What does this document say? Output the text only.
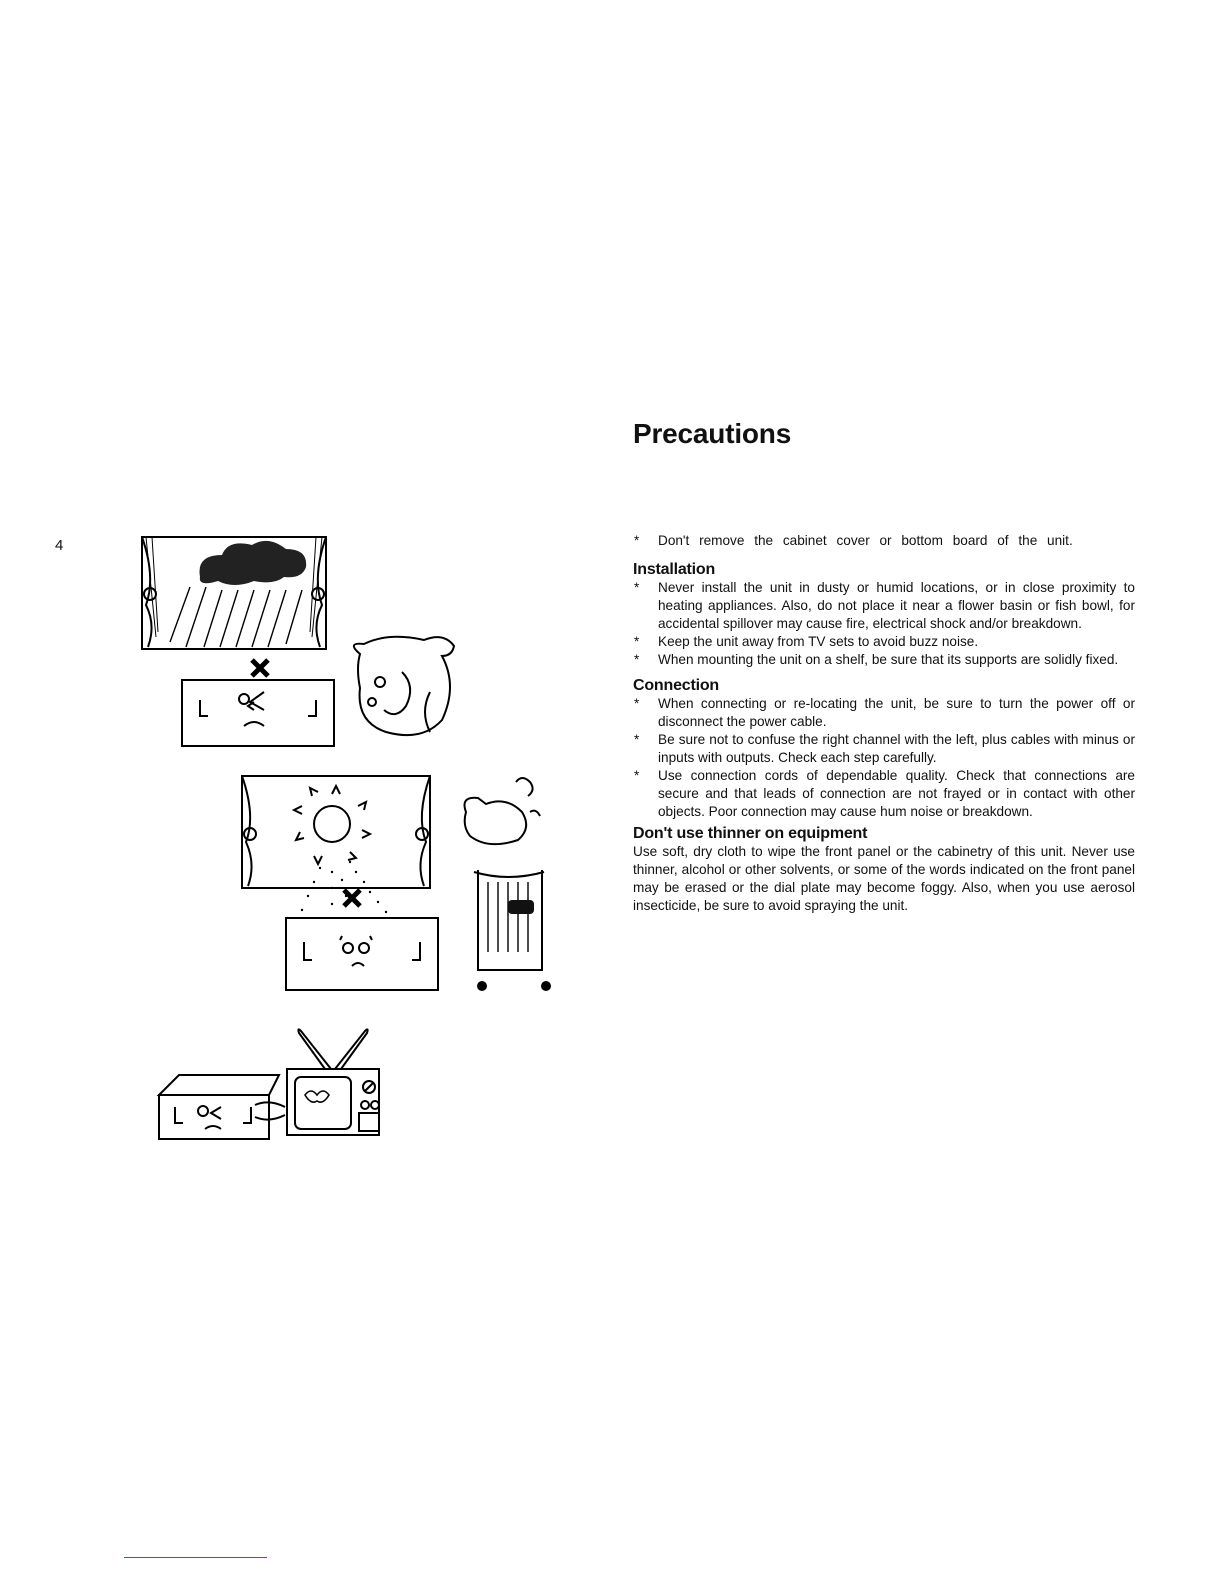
4
Precautions
* Don't remove the cabinet cover or bottom board of the unit.
Installation
* Never install the unit in dusty or humid locations, or in close proximity to heating appliances. Also, do not place it near a flower basin or fish bowl, for accidental spillover may cause fire, electrical shock and/or breakdown.
* Keep the unit away from TV sets to avoid buzz noise.
* When mounting the unit on a shelf, be sure that its supports are solidly fixed.
Connection
* When connecting or re-locating the unit, be sure to turn the power off or disconnect the power cable.
* Be sure not to confuse the right channel with the left, plus cables with minus or inputs with outputs. Check each step carefully.
* Use connection cords of dependable quality. Check that connections are secure and that leads of connection are not frayed or in contact with other objects. Poor connection may cause hum noise or breakdown.
Don't use thinner on equipment
Use soft, dry cloth to wipe the front panel or the cabinetry of this unit. Never use thinner, alcohol or other solvents, or some of the words indicated on the front panel may be erased or the dial plate may become foggy. Also, when you use aerosol insecticide, be sure to avoid spraying the unit.
